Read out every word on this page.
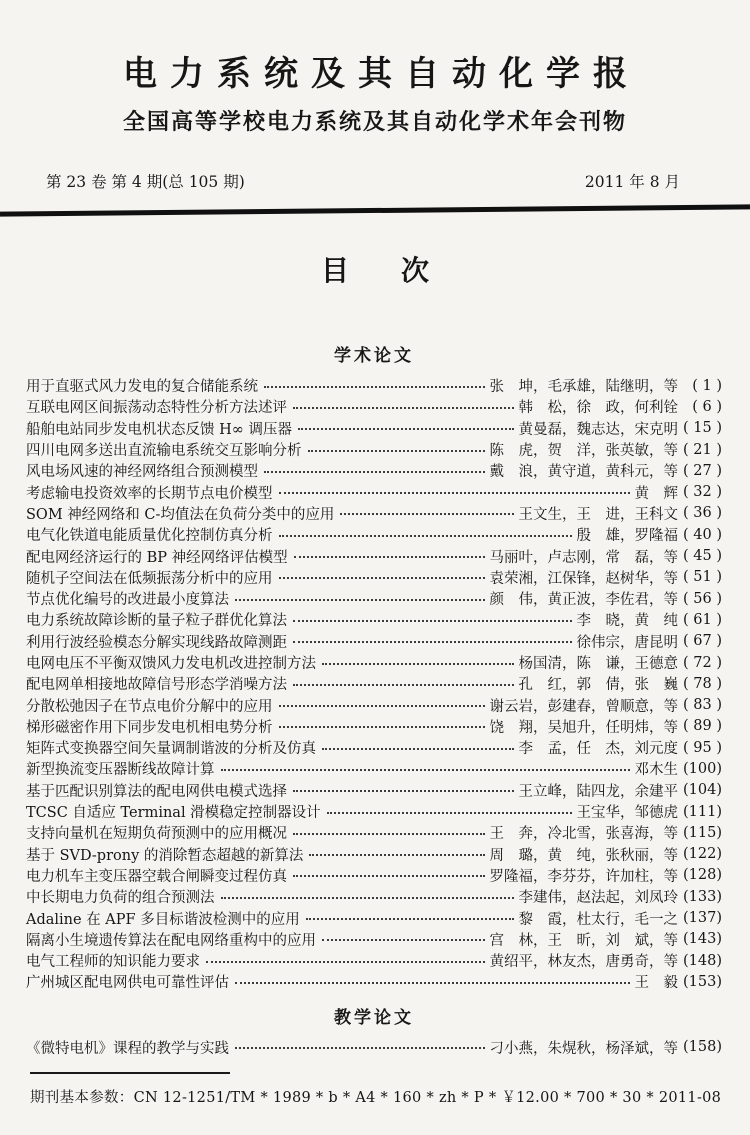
电力系统及其自动化学报
全国高等学校电力系统及其自动化学术年会刊物
第 23 卷 第 4 期(总 105 期)	2011 年 8 月
目　次
学术论文
用于直驱式风力发电的复合储能系统	张　坤，毛承雄，陆继明，等 ( 1 )
互联电网区间振荡动态特性分析方法述评	韩　松，徐　政，何利铨 ( 6 )
船舶电站同步发电机状态反馈 H∞ 调压器	黄曼磊，魏志达，宋克明 ( 15 )
四川电网多送出直流输电系统交互影响分析	陈　虎，贺　洋，张英敏，等 ( 21 )
风电场风速的神经网络组合预测模型	戴　浪，黄守道，黄科元，等 ( 27 )
考虑输电投资效率的长期节点电价模型	黄　辉 ( 32 )
SOM 神经网络和 C-均值法在负荷分类中的应用	王文生，王　进，王科文 ( 36 )
电气化铁道电能质量优化控制仿真分析	殷　雄，罗隆福 ( 40 )
配电网经济运行的 BP 神经网络评估模型	马丽叶，卢志刚，常　磊，等 ( 45 )
随机子空间法在低频振荡分析中的应用	袁荣湘，江保锋，赵树华，等 ( 51 )
节点优化编号的改进最小度算法	颜　伟，黄正波，李佐君，等 ( 56 )
电力系统故障诊断的量子粒子群优化算法	李　晓，黄　纯 ( 61 )
利用行波经验模态分解实现线路故障测距	徐伟宗，唐昆明 ( 67 )
电网电压不平衡双馈风力发电机改进控制方法	杨国清，陈　谦，王德意 ( 72 )
配电网单相接地故障信号形态学消噪方法	孔　红，郭　倩，张　巍 ( 78 )
分散松弛因子在节点电价分解中的应用	谢云岩，彭建春，曾顺意，等 ( 83 )
梯形磁密作用下同步发电机相电势分析	饶　翔，吴旭升，任明炜，等 ( 89 )
矩阵式变换器空间矢量调制谐波的分析及仿真	李　孟，任　杰，刘元度 ( 95 )
新型换流变压器断线故障计算	邓木生 (100)
基于匹配识别算法的配电网供电模式选择	王立峰，陆四龙，余建平 (104)
TCSC 自适应 Terminal 滑模稳定控制器设计	王宝华，邹德虎 (111)
支持向量机在短期负荷预测中的应用概况	王　奔，冷北雪，张喜海，等 (115)
基于 SVD-prony 的消除暂态超越的新算法	周　璐，黄　纯，张秋丽，等 (122)
电力机车主变压器空载合闸瞬变过程仿真	罗隆福，李芬芬，许加柱，等 (128)
中长期电力负荷的组合预测法	李建伟，赵法起，刘凤玲 (133)
Adaline 在 APF 多目标谐波检测中的应用	黎　霞，杜太行，毛一之 (137)
隔离小生境遗传算法在配电网络重构中的应用	宫　林，王　昕，刘　斌，等 (143)
电气工程师的知识能力要求	黄绍平，林友杰，唐勇奇，等 (148)
广州城区配电网供电可靠性评估	王　毅 (153)
教学论文
《微特电机》课程的教学与实践	刁小燕，朱熀秋，杨泽斌，等 (158)
期刊基本参数：CN 12-1251/TM * 1989 * b * A4 * 160 * zh * P * ￥12.00 * 700 * 30 * 2011-08
